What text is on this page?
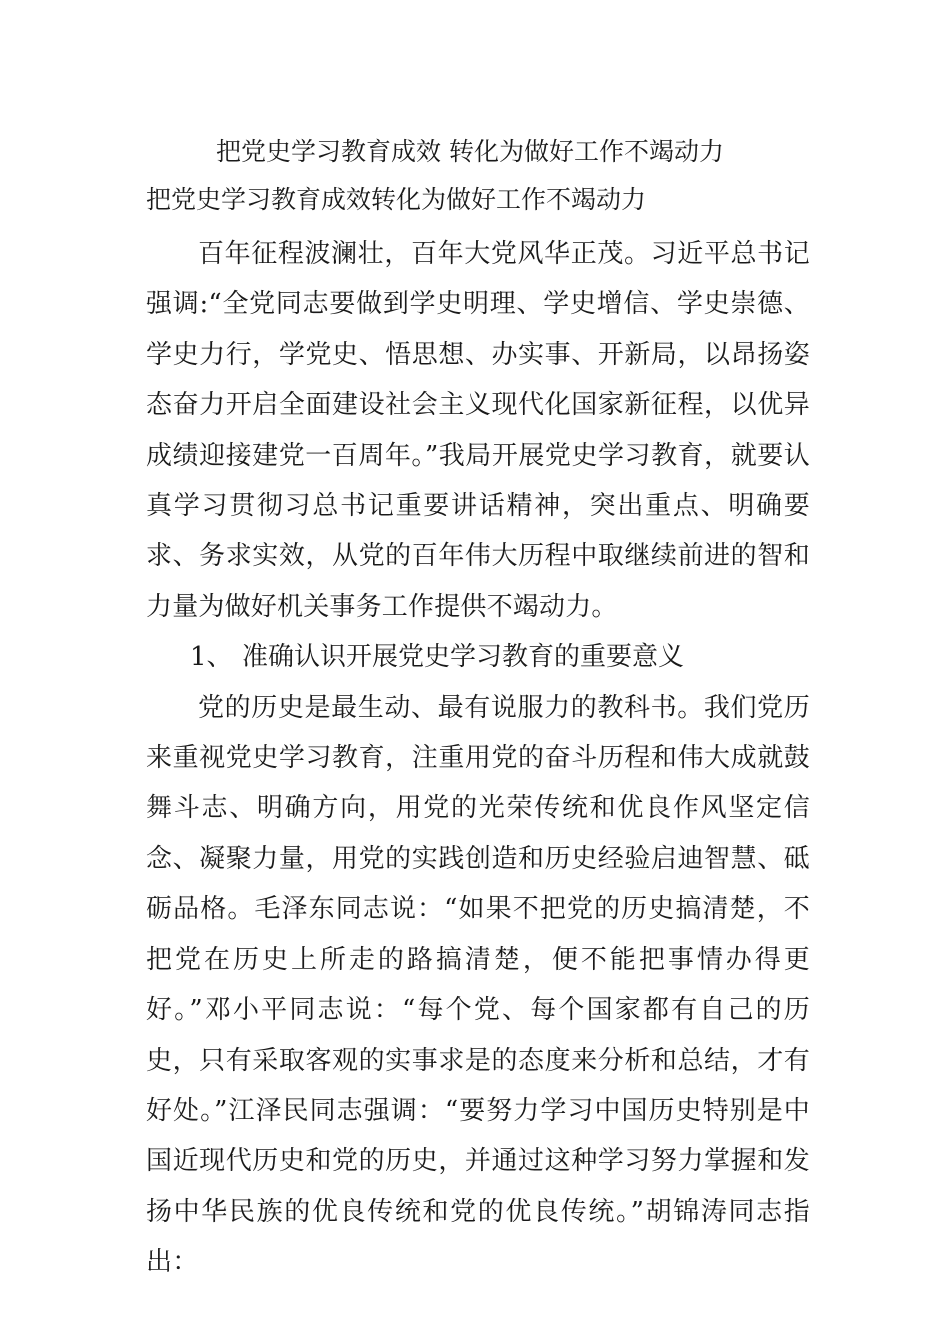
把党史学习教育成效 转化为做好工作不竭动力
把党史学习教育成效转化为做好工作不竭动力

百年征程波澜壮，百年大党风华正茂。习近平总书记强调:“全党同志要做到学史明理、学史增信、学史崇德、学史力行，学党史、悟思想、办实事、开新局，以昂扬姿态奋力开启全面建设社会主义现代化国家新征程，以优异成绩迎接建党一百周年。”我局开展党史学习教育，就要认真学习贯彻习总书记重要讲话精神，突出重点、明确要求、务求实效，从党的百年伟大历程中取继续前进的智和力量为做好机关事务工作提供不竭动力。

1、 准确认识开展党史学习教育的重要意义

党的历史是最生动、最有说服力的教科书。我们党历来重视党史学习教育，注重用党的奋斗历程和伟大成就鼓舞斗志、明确方向，用党的光荣传统和优良作风坚定信念、凝聚力量，用党的实践创造和历史经验启迪智慧、砥砺品格。毛泽东同志说：“如果不把党的历史搞清楚，不把党在历史上所走的路搞清楚，便不能把事情办得更好。”邓小平同志说：“每个党、每个国家都有自己的历史，只有采取客观的实事求是的态度来分析和总结，才有好处。”江泽民同志强调：“要努力学习中国历史特别是中国近现代历史和党的历史，并通过这种学习努力掌握和发扬中华民族的优良传统和党的优良传统。”胡锦涛同志指出：
